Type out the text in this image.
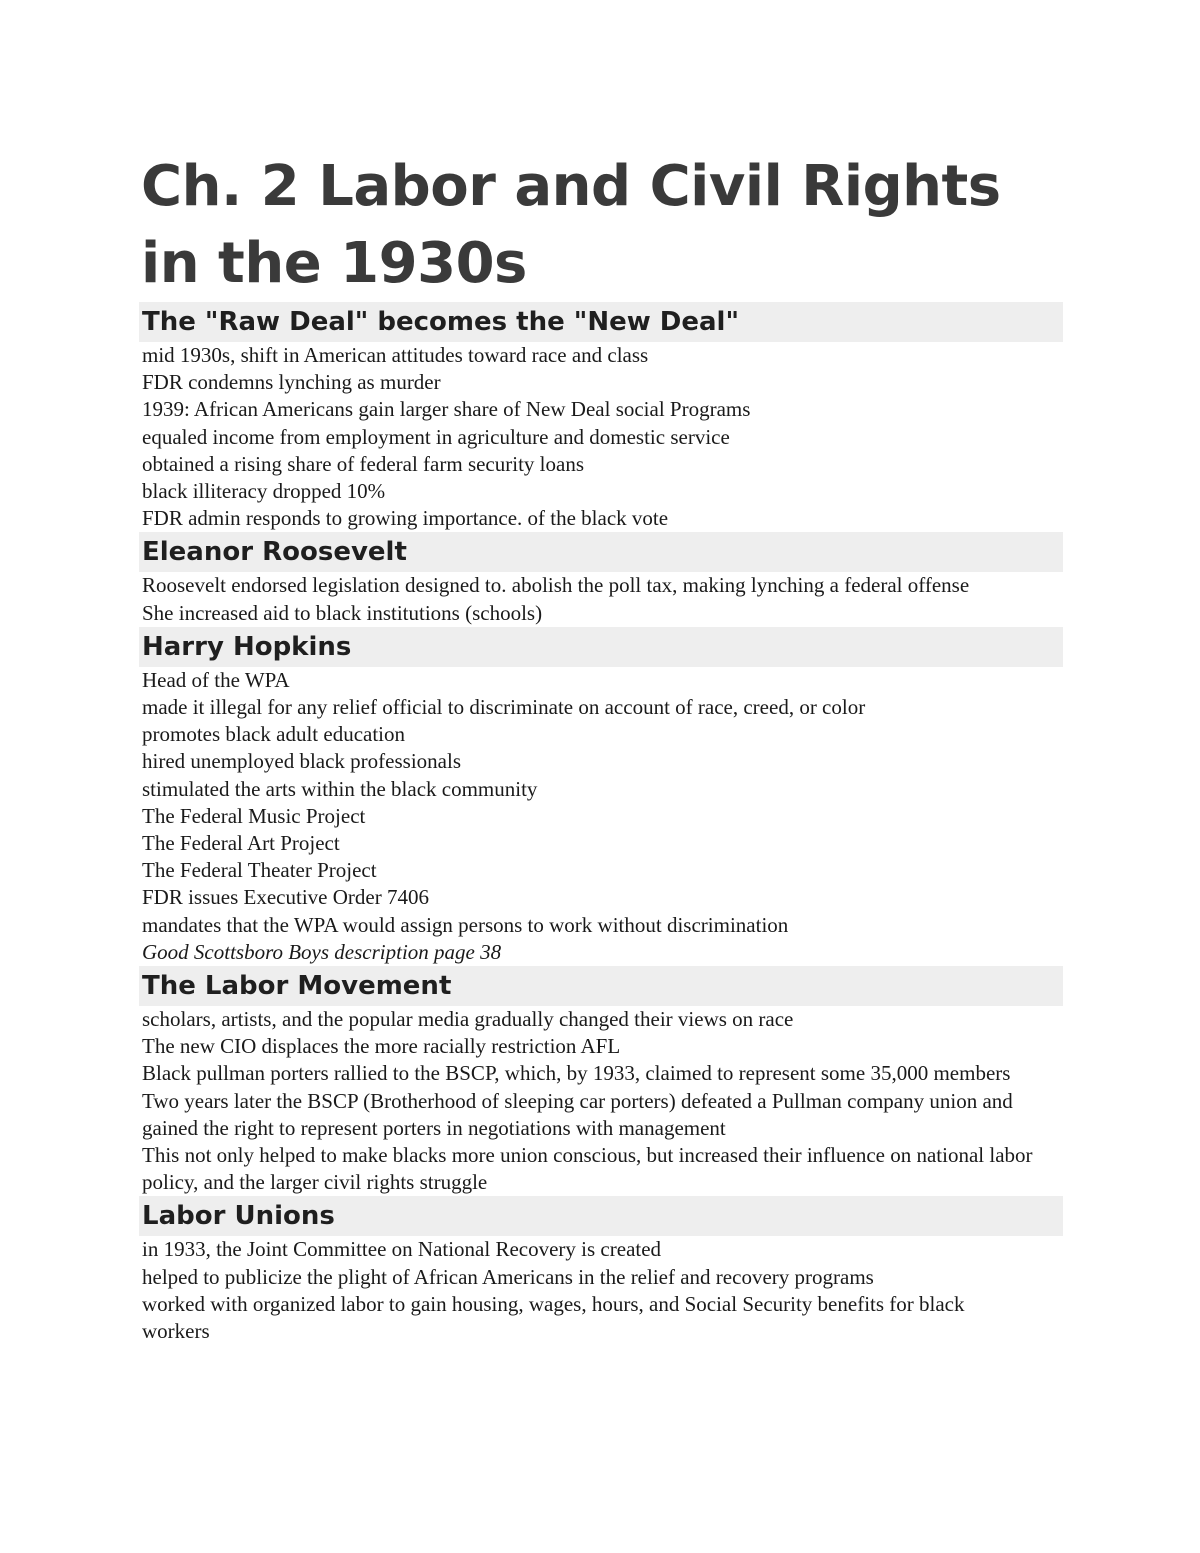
Ch. 2 Labor and Civil Rights in the 1930s
The "Raw Deal" becomes the "New Deal"
mid 1930s, shift in American attitudes toward race and class
FDR condemns lynching as murder
1939: African Americans gain larger share of New Deal social Programs
equaled income from employment in agriculture and domestic service
obtained a rising share of federal farm security loans
black illiteracy dropped 10%
FDR admin responds to growing importance. of the black vote
Eleanor Roosevelt
Roosevelt endorsed legislation designed to. abolish the poll tax, making lynching a federal offense
She increased aid to black institutions (schools)
Harry Hopkins
Head of the WPA
made it illegal for any relief official to discriminate on account of race, creed, or color
promotes black adult education
hired unemployed black professionals
stimulated the arts within the black community
The Federal Music Project
The Federal Art Project
The Federal Theater Project
FDR issues Executive Order 7406
mandates that the WPA would assign persons to work without discrimination
Good Scottsboro Boys description page 38
The Labor Movement
scholars, artists, and the popular media gradually changed their views on race
The new CIO displaces the more racially restriction AFL
Black pullman porters rallied to the BSCP, which, by 1933, claimed to represent some 35,000 members
Two years later the BSCP (Brotherhood of sleeping car porters) defeated a Pullman company union and gained the right to represent porters in negotiations with management
This not only helped to make blacks more union conscious, but increased their influence on national labor policy, and the larger civil rights struggle
Labor Unions
in 1933, the Joint Committee on National Recovery is created
helped to publicize the plight of African Americans in the relief and recovery programs
worked with organized labor to gain housing, wages, hours, and Social Security benefits for black workers
